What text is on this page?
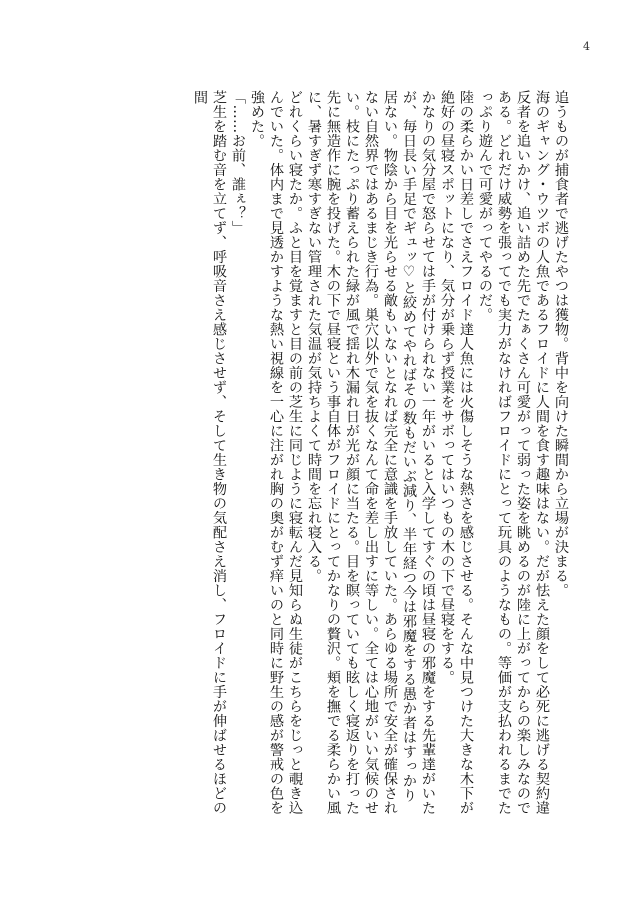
4

追うものが捕食者で逃げたやつは獲物。背中を向けた瞬間から立場が決まる。

海のギャング・ウツボの人魚であるフロイドに人間を食す趣味はない。だが怯えた顔をして必死に逃げる契約違反者を追いかけ、追い詰めた先でたぁくさん可愛がって弱った姿を眺めるのが陸に上がってからの楽しみなのである。どれだけ威勢を張ってでも実力がなければフロイドにとって玩具のようなもの。等価が支払われるまでたっぷり遊んで可愛がってやるのだ。

陸の柔らかい日差しでさえフロイド達人魚には火傷しそうな熱さを感じさせる。そんな中見つけた大きな木下が絶好の昼寝スポットになり、気分が乗らず授業をサボってはいつもの木の下で昼寝をする。

かなりの気分屋で怒らせては手が付けられない一年がいると入学してすぐの頃は昼寝の邪魔をする先輩達がいたが、毎日長い手足でギュッ♡と絞めてやればその数もだいぶ減り、半年経つ今は邪魔をする愚か者はすっかり居ない。物陰から目を光らせる敵もいないとなれば完全に意識を手放していた。あらゆる場所で安全が確保されない自然界ではあるまじき行為。巣穴以外で気を抜くなんて命を差し出すに等しい。全ては心地がいい気候のせい。枝にたっぷり蓄えられた緑が風で揺れ木漏れ日が光が顔に当たる。目を瞑っていても眩しく寝返りを打った先に無造作に腕を投げた。木の下で昼寝という事自体がフロイドにとってかなりの贅沢。頬を撫でる柔らかい風に、暑すぎず寒すぎない管理された気温が気持ちよくて時間を忘れ寝入る。

どれくらい寝たか。ふと目を覚ますと目の前の芝生に同じように寝転んだ見知らぬ生徒がこちらをじっと覗き込んでいた。体内まで見透かすような熱い視線を一心に注がれ胸の奥がむず痒いのと同時に野生の感が警戒の色を強めた。

「……お前、誰ぇ？」

芝生を踏む音を立てず、呼吸音さえ感じさせず、そして生き物の気配さえ消し、フロイドに手が伸ばせるほどの間
